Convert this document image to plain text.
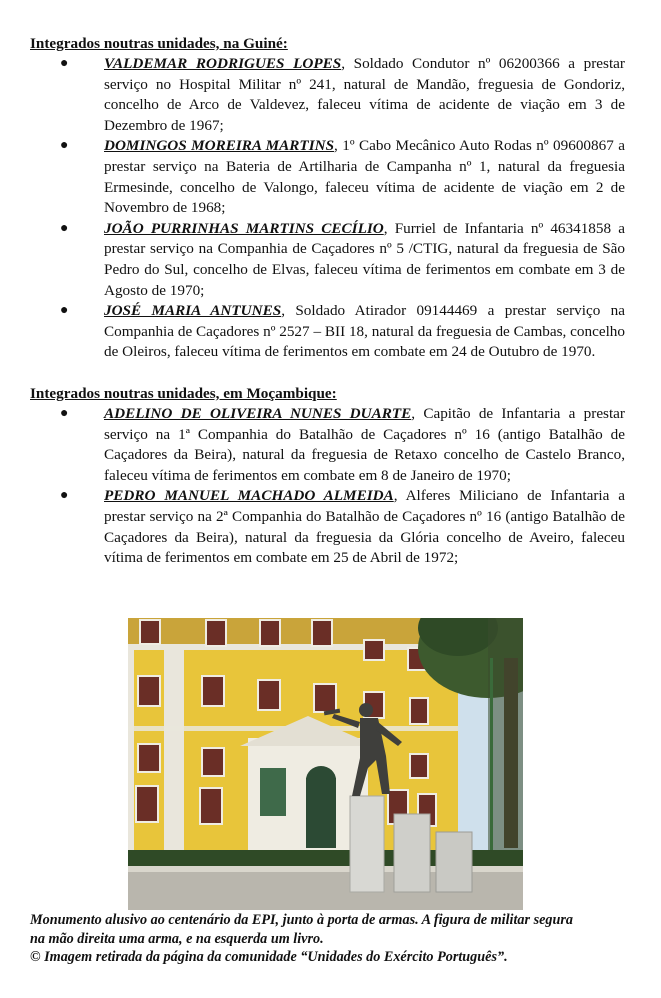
Integrados noutras unidades, na Guiné:
● VALDEMAR RODRIGUES LOPES, Soldado Condutor nº 06200366 a prestar serviço no Hospital Militar nº 241, natural de Mandão, freguesia de Gondoriz, concelho de Arco de Valdevez, faleceu vítima de acidente de viação em 3 de Dezembro de 1967;
● DOMINGOS MOREIRA MARTINS, 1º Cabo Mecânico Auto Rodas nº 09600867 a prestar serviço na Bateria de Artilharia de Campanha nº 1, natural da freguesia Ermesinde, concelho de Valongo, faleceu vítima de acidente de viação em 2 de Novembro de 1968;
● JOÃO PURRINHAS MARTINS CECÍLIO, Furriel de Infantaria nº 46341858 a prestar serviço na Companhia de Caçadores nº 5 /CTIG, natural da freguesia de São Pedro do Sul, concelho de Elvas, faleceu vítima de ferimentos em combate em 3 de Agosto de 1970;
● JOSÉ MARIA ANTUNES, Soldado Atirador 09144469 a prestar serviço na Companhia de Caçadores nº 2527 – BII 18, natural da freguesia de Cambas, concelho de Oleiros, faleceu vítima de ferimentos em combate em 24 de Outubro de 1970.
Integrados noutras unidades, em Moçambique:
● ADELINO DE OLIVEIRA NUNES DUARTE, Capitão de Infantaria a prestar serviço na 1ª Companhia do Batalhão de Caçadores nº 16 (antigo Batalhão de Caçadores da Beira), natural da freguesia de Retaxo concelho de Castelo Branco, faleceu vítima de ferimentos em combate em 8 de Janeiro de 1970;
● PEDRO MANUEL MACHADO ALMEIDA, Alferes Miliciano de Infantaria a prestar serviço na 2ª Companhia do Batalhão de Caçadores nº 16 (antigo Batalhão de Caçadores da Beira), natural da freguesia da Glória concelho de Aveiro, faleceu vítima de ferimentos em combate em 25 de Abril de 1972;
Monumento alusivo ao centenário da EPI, junto à porta de armas. A figura de militar segura
na mão direita uma arma, e na esquerda um livro.
© Imagem retirada da página da comunidade “Unidades do Exército Português”.
